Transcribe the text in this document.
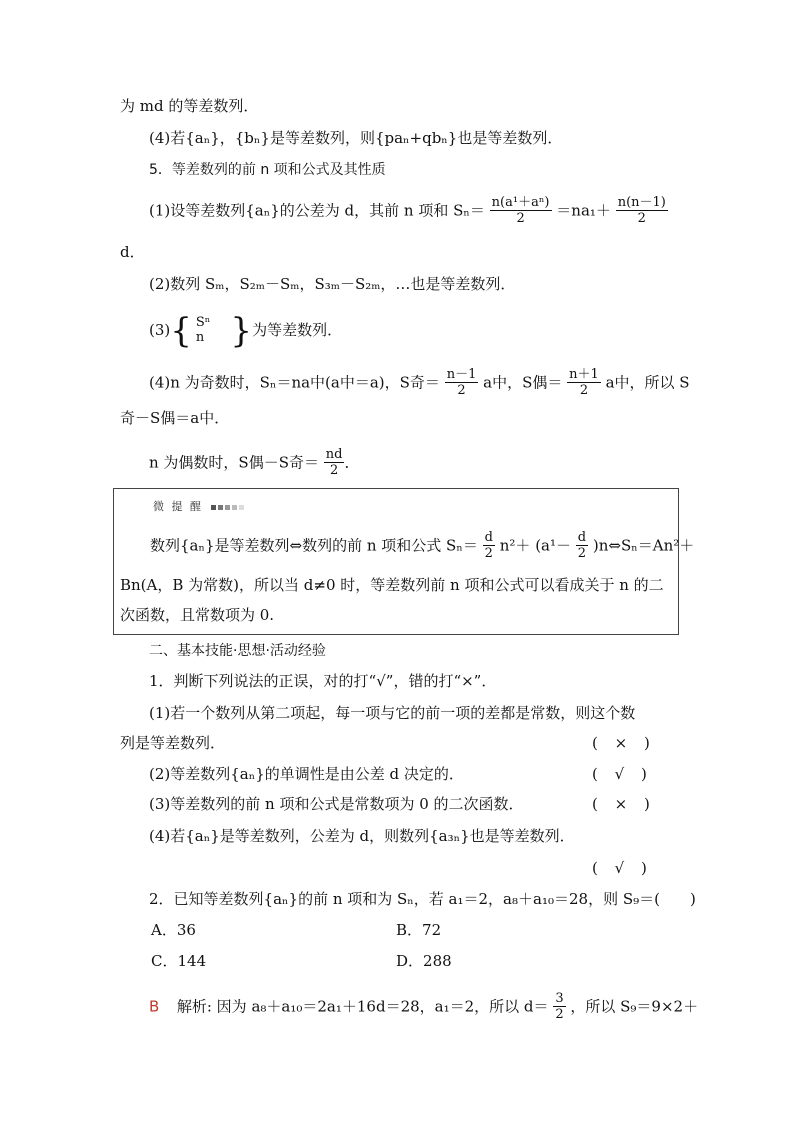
为 md 的等差数列．
(4)若{aₙ}，{bₙ}是等差数列，则{paₙ+qbₙ}也是等差数列．
5．等差数列的前 n 项和公式及其性质
(1)设等差数列{aₙ}的公差为 d，其前 n 项和 $S_n= \frac{\text{n(a¹＋aⁿ)}}{2} =na_1+ \frac{n(n-1)}{2}$
d．
(2)数列 Sₘ，S₂ₘ－Sₘ，S₃ₘ－S₂ₘ，…也是等差数列．
(3){ Sⁿ
n }为等差数列．
(4)n 为奇数时，Sₙ＝na中(a中＝a)，S奇＝ $\frac{n-1}{2}$ a中，S偶＝ $\frac{n+1}{2}$ a中，所以 S
奇－S偶＝a中．
n 为偶数时，S偶－S奇＝ $\frac{nd}{2}$ ．
微 提 醒
数列{aₙ}是等差数列⇔数列的前 n 项和公式 $S_n= \frac{d}{2} n^2+ (a^1- \frac{d}{2}$ )n⇔Sₙ＝An²＋
Bn(A，B 为常数)，所以当 d≠0 时，等差数列前 n 项和公式可以看成关于 n 的二
次函数，且常数项为 0.
二、基本技能·思想·活动经验
1．判断下列说法的正误，对的打“√”，错的打“×”．
(1)若一个数列从第二项起，每一项与它的前一项的差都是常数，则这个数
列是等差数列．	( × )
(2)等差数列{aₙ}的单调性是由公差 d 决定的．	( √ )
(3)等差数列的前 n 项和公式是常数项为 0 的二次函数．	( × )
(4)若{aₙ}是等差数列，公差为 d，则数列{a₃ₙ}也是等差数列．
( √ )
2．已知等差数列{aₙ}的前 n 项和为 Sₙ，若 a₁＝2，a₈＋a₁₀＝28，则 S₉＝(　　)
A．36	B．72
C．144	D．288
B 解析: 因为 a₈＋a₁₀＝2a₁＋16d＝28，a₁＝2，所以 $d= \frac{3}{2}$ ，所以 S₉＝9×2＋
